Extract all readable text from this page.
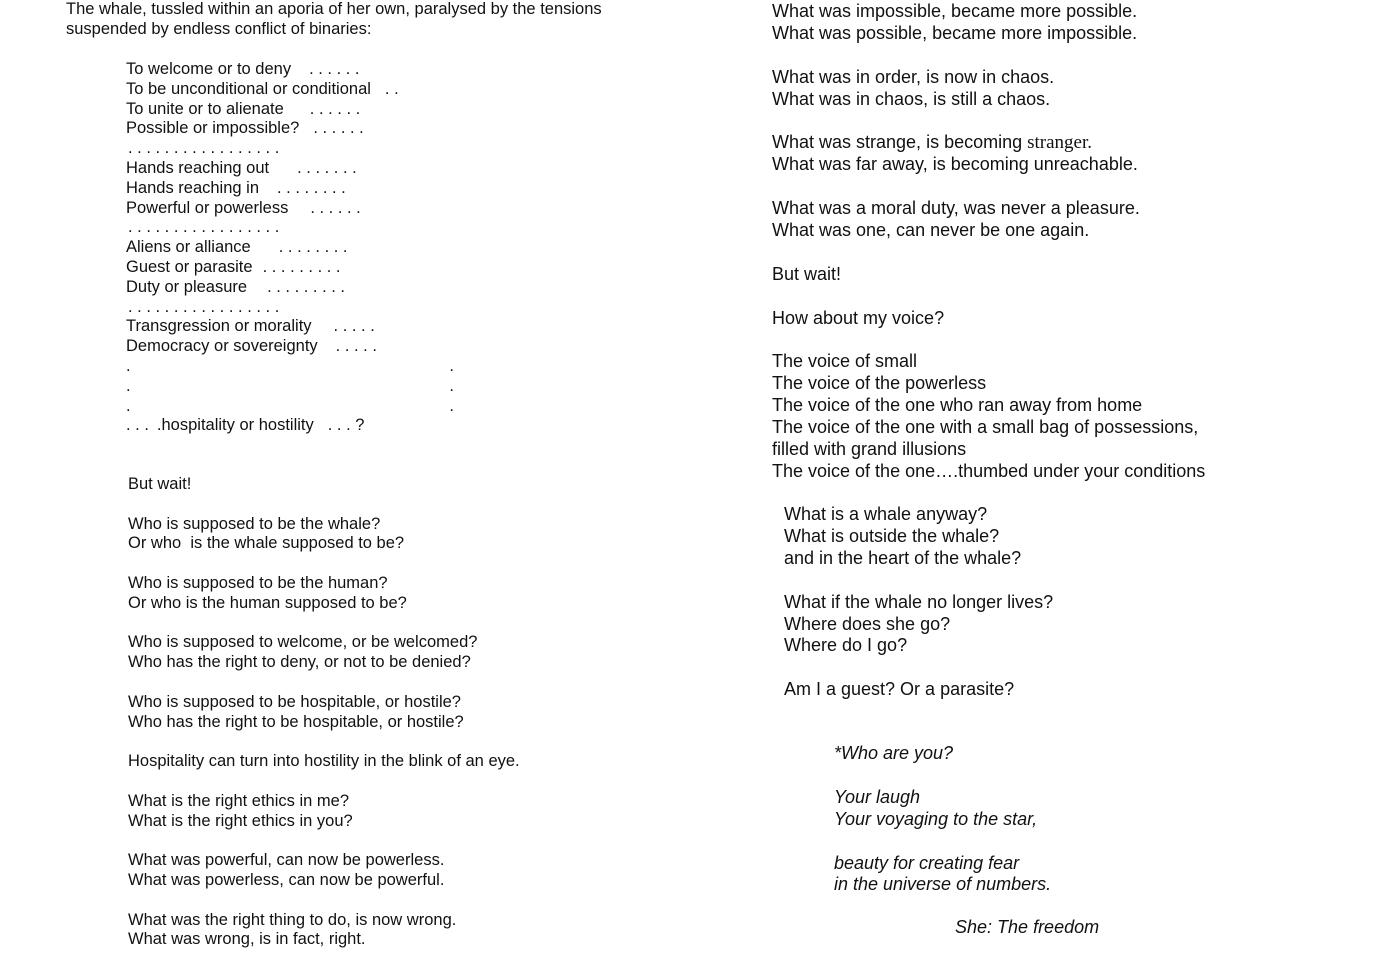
The whale, tussled within an aporia of her own, paralysed by the tensions
suspended by endless conflict of binaries:
To welcome or to deny . . . . . .
To be unconditional or conditional . .
To unite or to alienate . . . . . .
Possible or impossible? . . . . . .
. . . . . . . . . . . . . . . . .
Hands reaching out . . . . . . .
Hands reaching in . . . . . . . .
Powerful or powerless . . . . . .
. . . . . . . . . . . . . . . . .
Aliens or alliance . . . . . . . .
Guest or parasite . . . . . . . . .
Duty or pleasure . . . . . . . . .
. . . . . . . . . . . . . . . . .
Transgression or morality . . . . .
Democracy or sovereignty . . . . .
.	.
.	.
.	.
. . . .hospitality or hostility . . . ?
But wait!
Who is supposed to be the whale?
Or who  is the whale supposed to be?
Who is supposed to be the human?
Or who is the human supposed to be?
Who is supposed to welcome, or be welcomed?
Who has the right to deny, or not to be denied?
Who is supposed to be hospitable, or hostile?
Who has the right to be hospitable, or hostile?
Hospitality can turn into hostility in the blink of an eye.
What is the right ethics in me?
What is the right ethics in you?
What was powerful, can now be powerless.
What was powerless, can now be powerful.
What was the right thing to do, is now wrong.
What was wrong, is in fact, right.
What was impossible, became more possible.
What was possible, became more impossible.
What was in order, is now in chaos.
What was in chaos, is still a chaos.
What was strange, is becoming stranger.
What was far away, is becoming unreachable.
What was a moral duty, was never a pleasure.
What was one, can never be one again.
But wait!
How about my voice?
The voice of small
The voice of the powerless
The voice of the one who ran away from home
The voice of the one with a small bag of possessions,
filled with grand illusions
The voice of the one….thumbed under your conditions
What is a whale anyway?
What is outside the whale?
and in the heart of the whale?
What if the whale no longer lives?
Where does she go?
Where do I go?
Am I a guest? Or a parasite?
*Who are you?
Your laugh
Your voyaging to the star,
beauty for creating fear
in the universe of numbers.
She: The freedom
